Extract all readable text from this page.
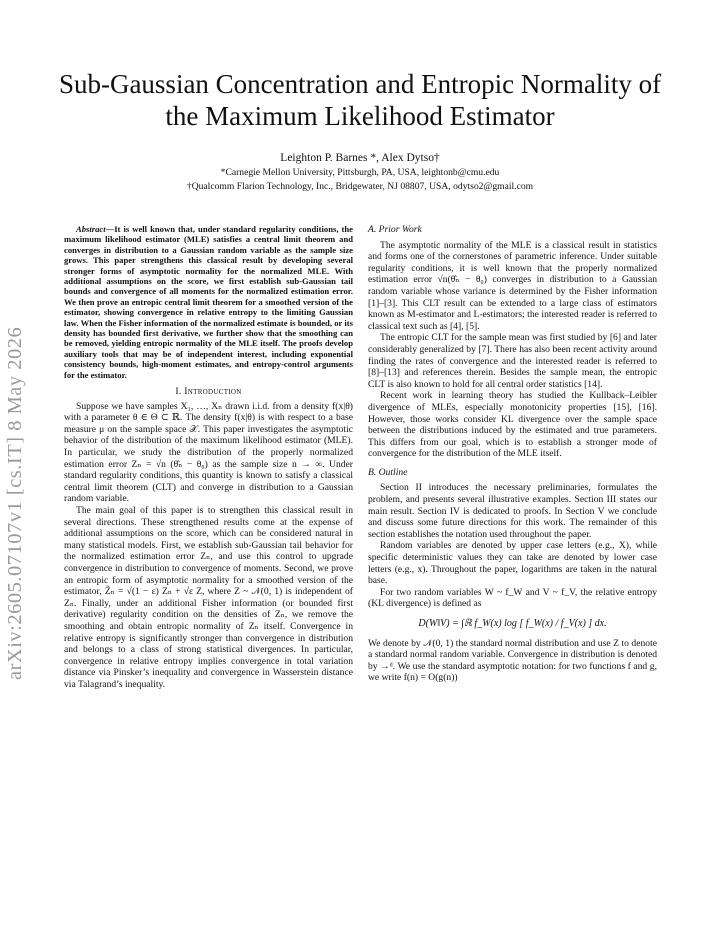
arXiv:2605.07107v1 [cs.IT] 8 May 2026
Sub-Gaussian Concentration and Entropic Normality of the Maximum Likelihood Estimator
Leighton P. Barnes *, Alex Dytso†
*Carnegie Mellon University, Pittsburgh, PA, USA, leightonb@cmu.edu
†Qualcomm Flarion Technology, Inc., Bridgewater, NJ 08807, USA, odytso2@gmail.com

Abstract—It is well known that, under standard regularity conditions, the maximum likelihood estimator (MLE) satisfies a central limit theorem and converges in distribution to a Gaussian random variable as the sample size grows. This paper strengthens this classical result by developing several stronger forms of asymptotic normality for the normalized MLE. With additional assumptions on the score, we first establish sub-Gaussian tail bounds and convergence of all moments for the normalized estimation error. We then prove an entropic central limit theorem for a smoothed version of the estimator, showing convergence in relative entropy to the limiting Gaussian law. When the Fisher information of the normalized estimate is bounded, or its density has bounded first derivative, we further show that the smoothing can be removed, yielding entropic normality of the MLE itself. The proofs develop auxiliary tools that may be of independent interest, including exponential consistency bounds, high-moment estimates, and entropy-control arguments for the estimator.

I. Introduction

Suppose we have samples X₁, …, Xₙ drawn i.i.d. from a density f(x|θ) with a parameter θ ∈ Θ ⊂ ℝ. The density f(x|θ) is with respect to a base measure μ on the sample space 𝒳. This paper investigates the asymptotic behavior of the distribution of the maximum likelihood estimator (MLE). In particular, we study the distribution of the properly normalized estimation error Zₙ = √n (θ̂ₙ − θ₀) as the sample size n → ∞. Under standard regularity conditions, this quantity is known to satisfy a classical central limit theorem (CLT) and converge in distribution to a Gaussian random variable.

The main goal of this paper is to strengthen this classical result in several directions. These strengthened results come at the expense of additional assumptions on the score, which can be considered natural in many statistical models. First, we establish sub-Gaussian tail behavior for the normalized estimation error Zₙ, and use this control to upgrade convergence in distribution to convergence of moments. Second, we prove an entropic form of asymptotic normality for a smoothed version of the estimator, Z̃ₙ = √(1 − ε) Zₙ + √ε Z, where Z ~ 𝒩(0, 1) is independent of Zₙ. Finally, under an additional Fisher information (or bounded first derivative) regularity condition on the densities of Zₙ, we remove the smoothing and obtain entropic normality of Zₙ itself. Convergence in relative entropy is significantly stronger than convergence in distribution and belongs to a class of strong statistical divergences. In particular, convergence in relative entropy implies convergence in total variation distance via Pinsker’s inequality and convergence in Wasserstein distance via Talagrand’s inequality.

A. Prior Work

The asymptotic normality of the MLE is a classical result in statistics and forms one of the cornerstones of parametric inference. Under suitable regularity conditions, it is well known that the properly normalized estimation error √n(θ̂ₙ − θ₀) converges in distribution to a Gaussian random variable whose variance is determined by the Fisher information [1]–[3]. This CLT result can be extended to a large class of estimators known as M-estimator and L-estimators; the interested reader is referred to classical text such as [4], [5].

The entropic CLT for the sample mean was first studied by [6] and later considerably generalized by [7]. There has also been recent activity around finding the rates of convergence and the interested reader is referred to [8]–[13] and references therein. Besides the sample mean, the entropic CLT is also known to hold for all central order statistics [14].

Recent work in learning theory has studied the Kullback–Leibler divergence of MLEs, especially monotonicity properties [15], [16]. However, those works consider KL divergence over the sample space between the distributions induced by the estimated and true parameters. This differs from our goal, which is to establish a stronger mode of convergence for the distribution of the MLE itself.

B. Outline

Section II introduces the necessary preliminaries, formulates the problem, and presents several illustrative examples. Section III states our main result. Section IV is dedicated to proofs. In Section V we conclude and discuss some future directions for this work. The remainder of this section establishes the notation used throughout the paper.

Random variables are denoted by upper case letters (e.g., X), while specific deterministic values they can take are denoted by lower case letters (e.g., x). Throughout the paper, logarithms are taken in the natural base.

For two random variables W ~ f_W and V ~ f_V, the relative entropy (KL divergence) is defined as

D(W‖V) = ∫ℝ f_W(x) log [ f_W(x) / f_V(x) ] dx.

We denote by 𝒩(0, 1) the standard normal distribution and use Z to denote a standard normal random variable. Convergence in distribution is denoted by →ᵈ. We use the standard asymptotic notation: for two functions f and g, we write f(n) = O(g(n))
